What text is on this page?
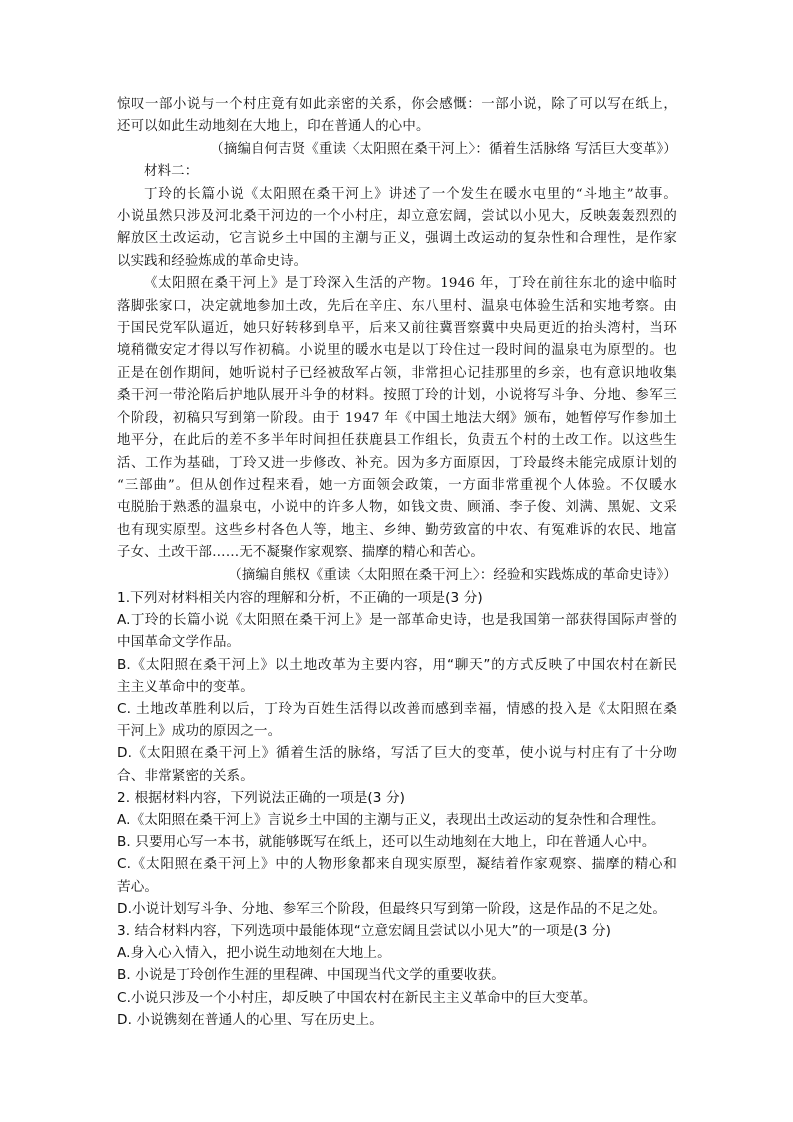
惊叹一部小说与一个村庄竟有如此亲密的关系，你会感慨：一部小说，除了可以写在纸上，
还可以如此生动地刻在大地上，印在普通人的心中。
（摘编自何吉贤《重读〈太阳照在桑干河上〉：循着生活脉络 写活巨大变革》）
材料二：
丁玲的长篇小说《太阳照在桑干河上》讲述了一个发生在暖水屯里的“斗地主”故事。
小说虽然只涉及河北桑干河边的一个小村庄，却立意宏阔，尝试以小见大，反映轰轰烈烈的
解放区土改运动，它言说乡土中国的主潮与正义，强调土改运动的复杂性和合理性，是作家
以实践和经验炼成的革命史诗。
《太阳照在桑干河上》是丁玲深入生活的产物。1946 年，丁玲在前往东北的途中临时
落脚张家口，决定就地参加土改，先后在辛庄、东八里村、温泉屯体验生活和实地考察。由
于国民党军队逼近，她只好转移到阜平，后来又前往冀晋察冀中央局更近的抬头湾村，当环
境稍微安定才得以写作初稿。小说里的暖水屯是以丁玲住过一段时间的温泉屯为原型的。也
正是在创作期间，她听说村子已经被敌军占领，非常担心记挂那里的乡亲，也有意识地收集
桑干河一带沦陷后护地队展开斗争的材料。按照丁玲的计划，小说将写斗争、分地、参军三
个阶段，初稿只写到第一阶段。由于 1947 年《中国土地法大纲》颁布，她暂停写作参加土
地平分，在此后的差不多半年时间担任获鹿县工作组长，负责五个村的土改工作。以这些生
活、工作为基础，丁玲又进一步修改、补充。因为多方面原因，丁玲最终未能完成原计划的
“三部曲”。但从创作过程来看，她一方面领会政策，一方面非常重视个人体验。不仅暖水
屯脱胎于熟悉的温泉屯，小说中的许多人物，如钱文贵、顾涌、李子俊、刘满、黑妮、文采
也有现实原型。这些乡村各色人等，地主、乡绅、勤劳致富的中农、有冤难诉的农民、地富
子女、土改干部……无不凝聚作家观察、揣摩的精心和苦心。
（摘编自熊权《重读〈太阳照在桑干河上〉：经验和实践炼成的革命史诗》）
1.下列对材料相关内容的理解和分析，不正确的一项是(3 分)
A.丁玲的长篇小说《太阳照在桑干河上》是一部革命史诗，也是我国第一部获得国际声誉的
中国革命文学作品。
B.《太阳照在桑干河上》以土地改革为主要内容，用“聊天”的方式反映了中国农村在新民
主主义革命中的变革。
C. 土地改革胜利以后，丁玲为百姓生活得以改善而感到幸福，情感的投入是《太阳照在桑
干河上》成功的原因之一。
D.《太阳照在桑干河上》循着生活的脉络，写活了巨大的变革，使小说与村庄有了十分吻
合、非常紧密的关系。
2. 根据材料内容，下列说法正确的一项是(3 分)
A.《太阳照在桑干河上》言说乡土中国的主潮与正义，表现出土改运动的复杂性和合理性。
B. 只要用心写一本书，就能够既写在纸上，还可以生动地刻在大地上，印在普通人心中。
C.《太阳照在桑干河上》中的人物形象都来自现实原型，凝结着作家观察、揣摩的精心和
苦心。
D.小说计划写斗争、分地、参军三个阶段，但最终只写到第一阶段，这是作品的不足之处。
3. 结合材料内容，下列选项中最能体现“立意宏阔且尝试以小见大”的一项是(3 分)
A.身入心入情入，把小说生动地刻在大地上。
B. 小说是丁玲创作生涯的里程碑、中国现当代文学的重要收获。
C.小说只涉及一个小村庄，却反映了中国农村在新民主主义革命中的巨大变革。
D. 小说镌刻在普通人的心里、写在历史上。
